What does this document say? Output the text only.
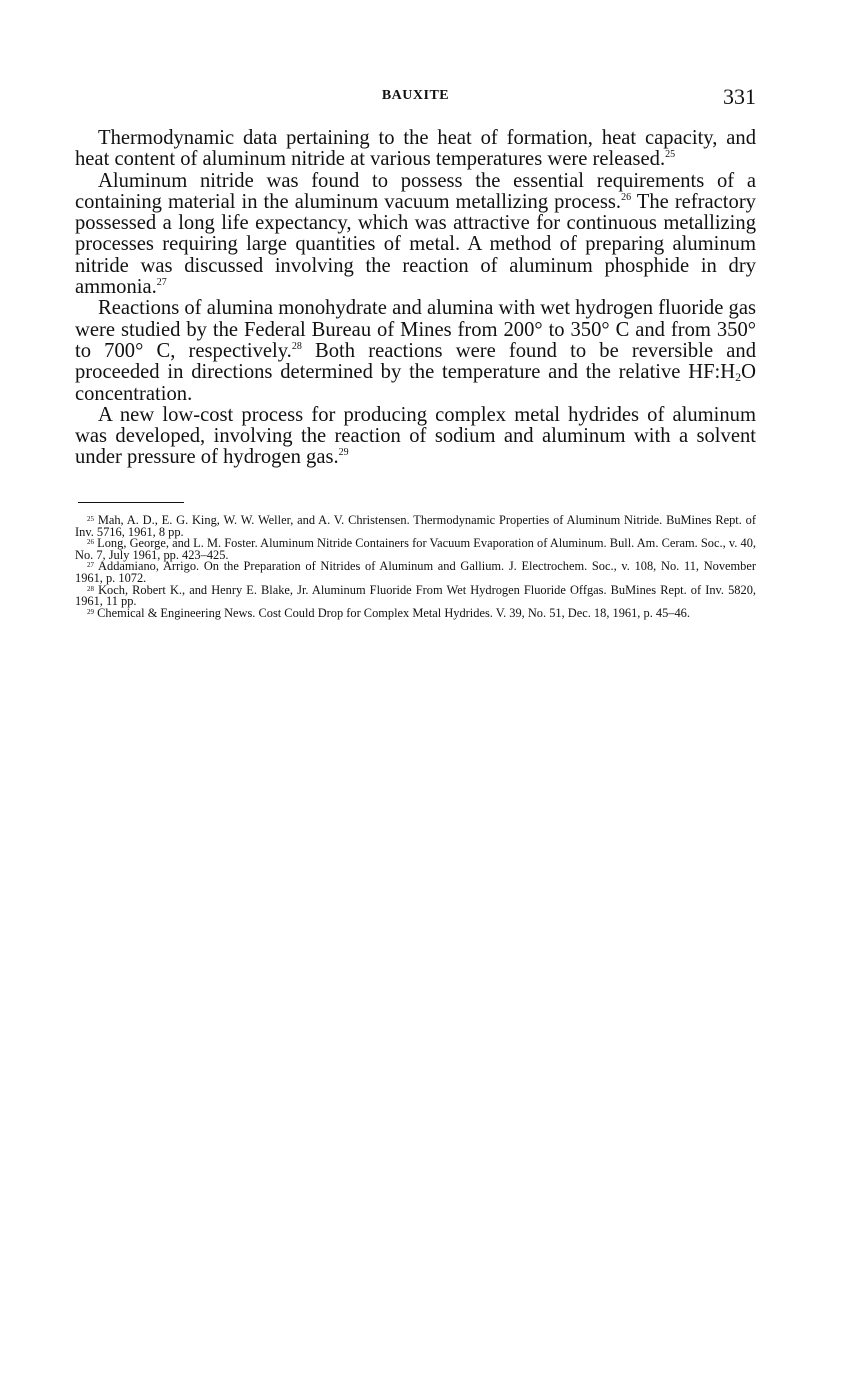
BAUXITE	331

Thermodynamic data pertaining to the heat of formation, heat capacity, and heat content of aluminum nitride at various temperatures were released.$^{25}$

Aluminum nitride was found to possess the essential requirements of a containing material in the aluminum vacuum metallizing process.$^{26}$ The refractory possessed a long life expectancy, which was attractive for continuous metallizing processes requiring large quantities of metal. A method of preparing aluminum nitride was discussed involving the reaction of aluminum phosphide in dry ammonia.$^{27}$

Reactions of alumina monohydrate and alumina with wet hydrogen fluoride gas were studied by the Federal Bureau of Mines from 200° to 350° C and from 350° to 700° C, respectively.$^{28}$ Both reactions were found to be reversible and proceeded in directions determined by the temperature and the relative $HF:H_2O$ concentration.

A new low-cost process for producing complex metal hydrides of aluminum was developed, involving the reaction of sodium and aluminum with a solvent under pressure of hydrogen gas.$^{29}$

$^{25}$ Mah, A. D., E. G. King, W. W. Weller, and A. V. Christensen. Thermodynamic Properties of Aluminum Nitride. BuMines Rept. of Inv. 5716, 1961, 8 pp.

$^{26}$ Long, George, and L. M. Foster. Aluminum Nitride Containers for Vacuum Evaporation of Aluminum. Bull. Am. Ceram. Soc., v. 40, No. 7, July 1961, pp. 423–425.

$^{27}$ Addamiano, Arrigo. On the Preparation of Nitrides of Aluminum and Gallium. J. Electrochem. Soc., v. 108, No. 11, November 1961, p. 1072.

$^{28}$ Koch, Robert K., and Henry E. Blake, Jr. Aluminum Fluoride From Wet Hydrogen Fluoride Offgas. BuMines Rept. of Inv. 5820, 1961, 11 pp.

$^{29}$ Chemical & Engineering News. Cost Could Drop for Complex Metal Hydrides. V. 39, No. 51, Dec. 18, 1961, p. 45–46.
